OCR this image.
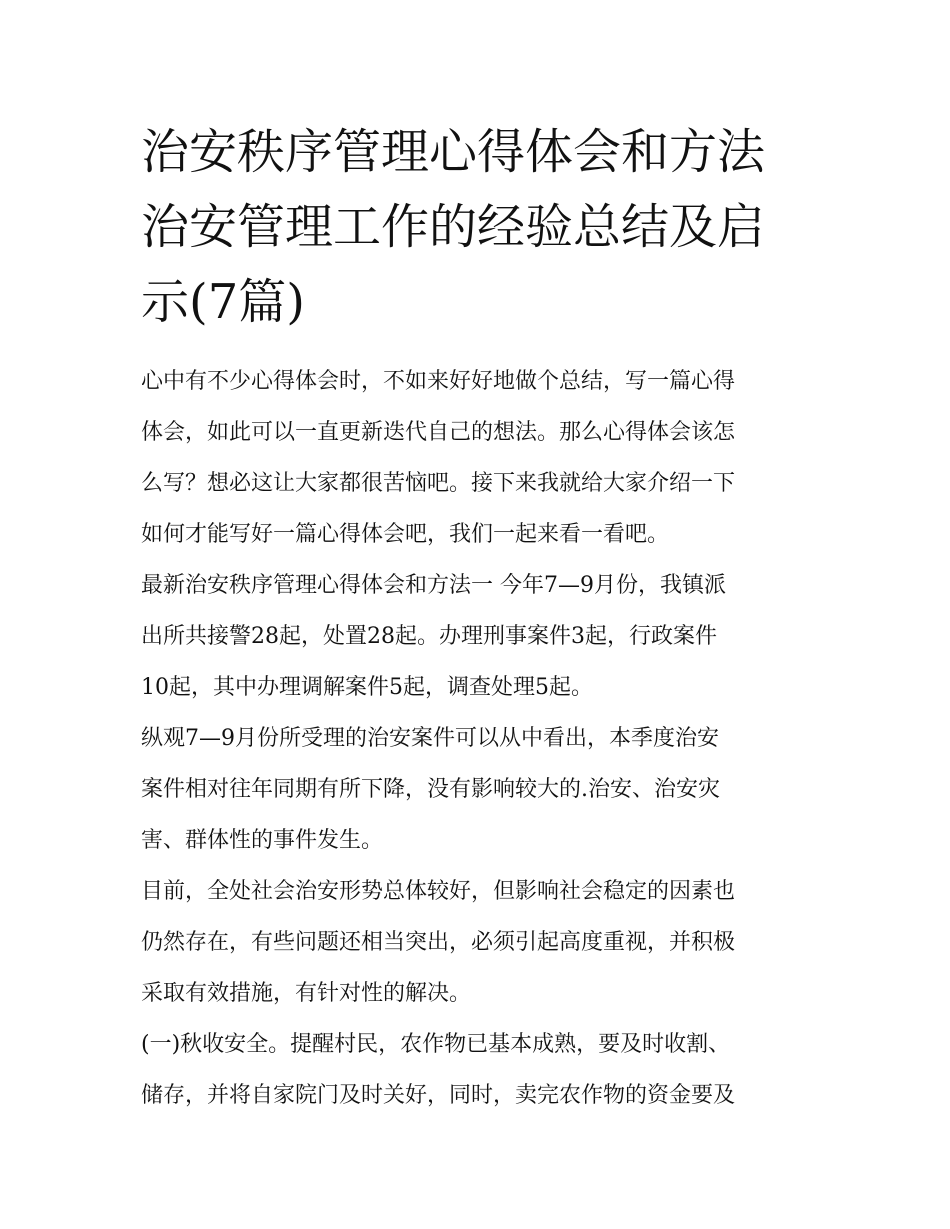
治安秩序管理心得体会和方法
治安管理工作的经验总结及启
示(7篇)

心中有不少心得体会时，不如来好好地做个总结，写一篇心得
体会，如此可以一直更新迭代自己的想法。那么心得体会该怎
么写？想必这让大家都很苦恼吧。接下来我就给大家介绍一下
如何才能写好一篇心得体会吧，我们一起来看一看吧。

最新治安秩序管理心得体会和方法一 今年7—9月份，我镇派
出所共接警28起，处置28起。办理刑事案件3起，行政案件
10起，其中办理调解案件5起，调查处理5起。

纵观7—9月份所受理的治安案件可以从中看出，本季度治安
案件相对往年同期有所下降，没有影响较大的.治安、治安灾
害、群体性的事件发生。

目前，全处社会治安形势总体较好，但影响社会稳定的因素也
仍然存在，有些问题还相当突出，必须引起高度重视，并积极
采取有效措施，有针对性的解决。

(一)秋收安全。提醒村民，农作物已基本成熟，要及时收割、
储存，并将自家院门及时关好，同时，卖完农作物的资金要及
